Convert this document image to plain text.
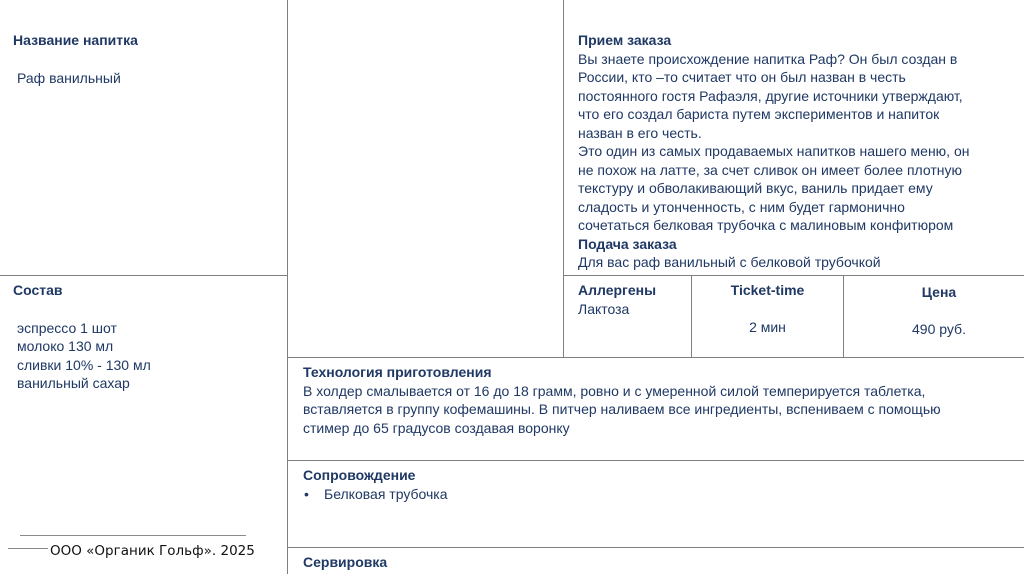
Название напитка
Раф ванильный
Состав
эспрессо 1 шот
молоко 130 мл
сливки 10% - 130 мл
ванильный сахар
Прием заказа
Вы знаете происхождение напитка Раф? Он был создан в
России, кто –то считает что он был назван в честь
постоянного гостя Рафаэля, другие источники утверждают,
что его создал бариста путем экспериментов и напиток
назван в его честь.
Это один из самых продаваемых напитков нашего меню, он
не похож на латте, за счет сливок он имеет более плотную
текстуру и обволакивающий вкус, ваниль придает ему
сладость и утонченность, с ним будет гармонично
сочетаться белковая трубочка с малиновым конфитюром
Подача заказа
Для вас раф ванильный с белковой трубочкой
Аллергены
Лактоза
Ticket-time
2 мин
Цена
490 руб.
Технология приготовления
В холдер смалывается от 16 до 18 грамм, ровно и с умеренной силой темперируется таблетка,
вставляется в группу кофемашины. В питчер наливаем все ингредиенты, вспениваем с помощью
стимер до 65 градусов создавая воронку
Сопровождение
•	Белковая трубочка
Сервировка
ООО «Органик Гольф». 2025
